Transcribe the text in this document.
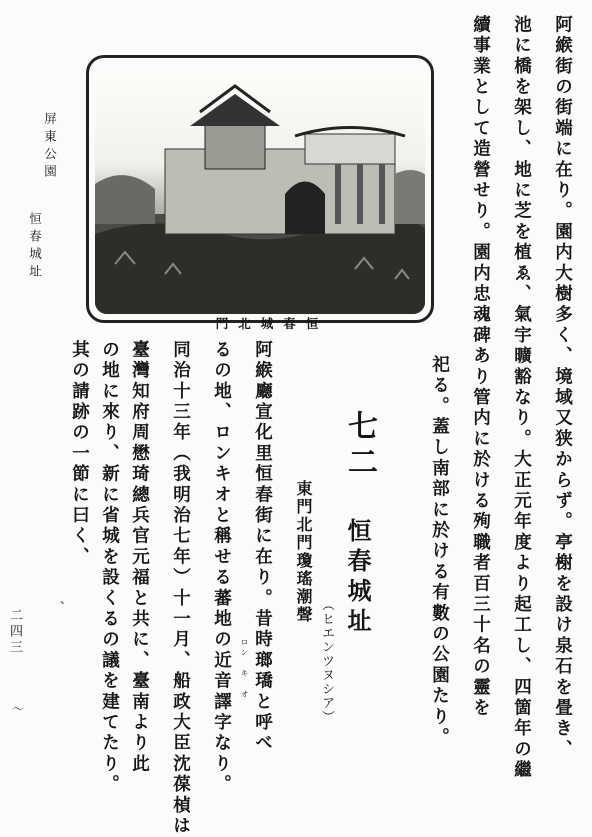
門北城春恒
屏東公園
恒春城址	阿緱街の街端に在り。園内大樹多く、境域又狭からず。亭榭を設け泉石を畳き、
池に橋を架し、地に芝を植ゑ、氣宇曠豁なり。大正元年度より起工し、四箇年の繼
續事業として造營せり。園内忠魂碑あり管内に於ける殉職者百三十名の靈を
祀る。蓋し南部に於ける有數の公園たり。
七二
恒春城址
（ヒエンツヌシア）
東門北門瓊瑤潮聲
阿緱廳宣化里恒春街に在り。昔時瑯𤩝と呼べ
るの地、ロンキオと稱せる蕃地の近音譯字なり。
同治十三年（我明治七年）十一月、船政大臣沈葆楨は
臺灣知府周懋琦總兵官元福と共に、臺南より此
の地に來り、新に省城を設くるの議を建てたり。
其の請跡の一節に曰く、
ロン キ オ
二四三
、
〜
